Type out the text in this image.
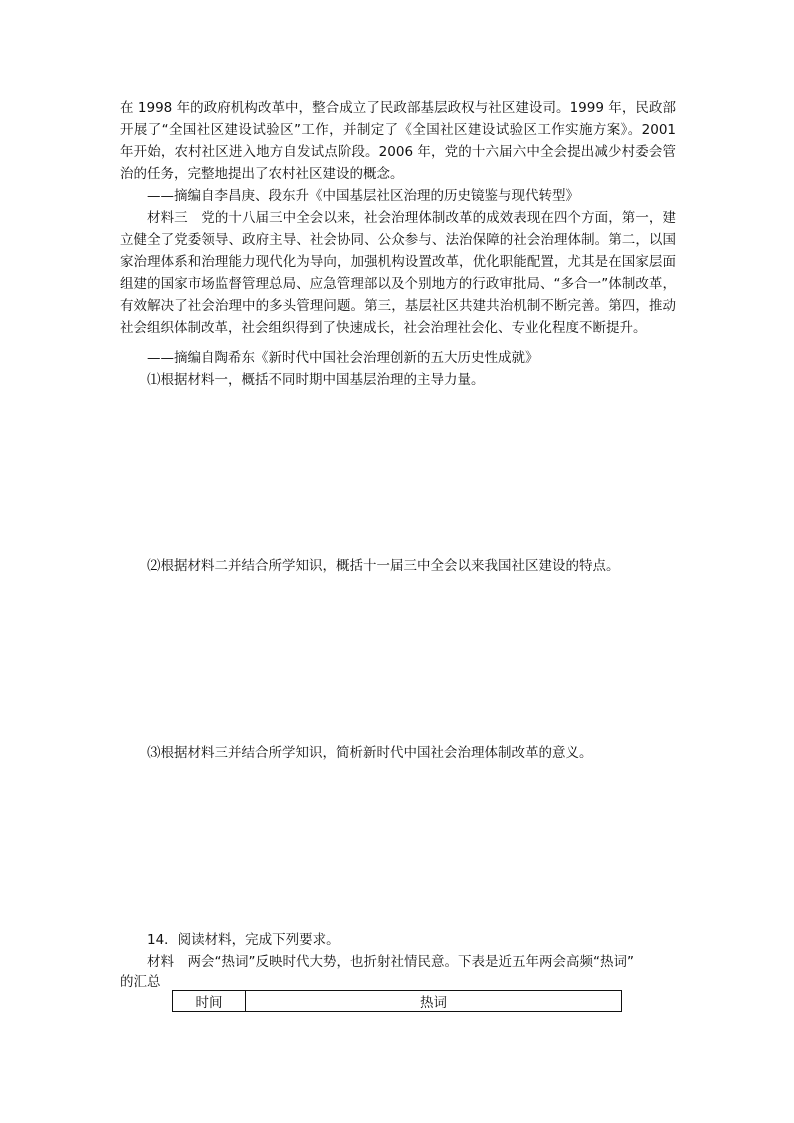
在 1998 年的政府机构改革中，整合成立了民政部基层政权与社区建设司。1999 年，民政部开展了“全国社区建设试验区”工作，并制定了《全国社区建设试验区工作实施方案》。2001 年开始，农村社区进入地方自发试点阶段。2006 年，党的十六届六中全会提出减少村委会管治的任务，完整地提出了农村社区建设的概念。

——摘编自李昌庚、段东升《中国基层社区治理的历史镜鉴与现代转型》

材料三　党的十八届三中全会以来，社会治理体制改革的成效表现在四个方面，第一，建立健全了党委领导、政府主导、社会协同、公众参与、法治保障的社会治理体制。第二，以国家治理体系和治理能力现代化为导向，加强机构设置改革，优化职能配置，尤其是在国家层面组建的国家市场监督管理总局、应急管理部以及个别地方的行政审批局、“多合一”体制改革，有效解决了社会治理中的多头管理问题。第三，基层社区共建共治机制不断完善。第四，推动社会组织体制改革，社会组织得到了快速成长，社会治理社会化、专业化程度不断提升。

——摘编自陶希东《新时代中国社会治理创新的五大历史性成就》

⑴根据材料一，概括不同时期中国基层治理的主导力量。

⑵根据材料二并结合所学知识，概括十一届三中全会以来我国社区建设的特点。

⑶根据材料三并结合所学知识，简析新时代中国社会治理体制改革的意义。

14．阅读材料，完成下列要求。

材料　两会“热词”反映时代大势，也折射社情民意。下表是近五年两会高频“热词”

的汇总

时间	热词
